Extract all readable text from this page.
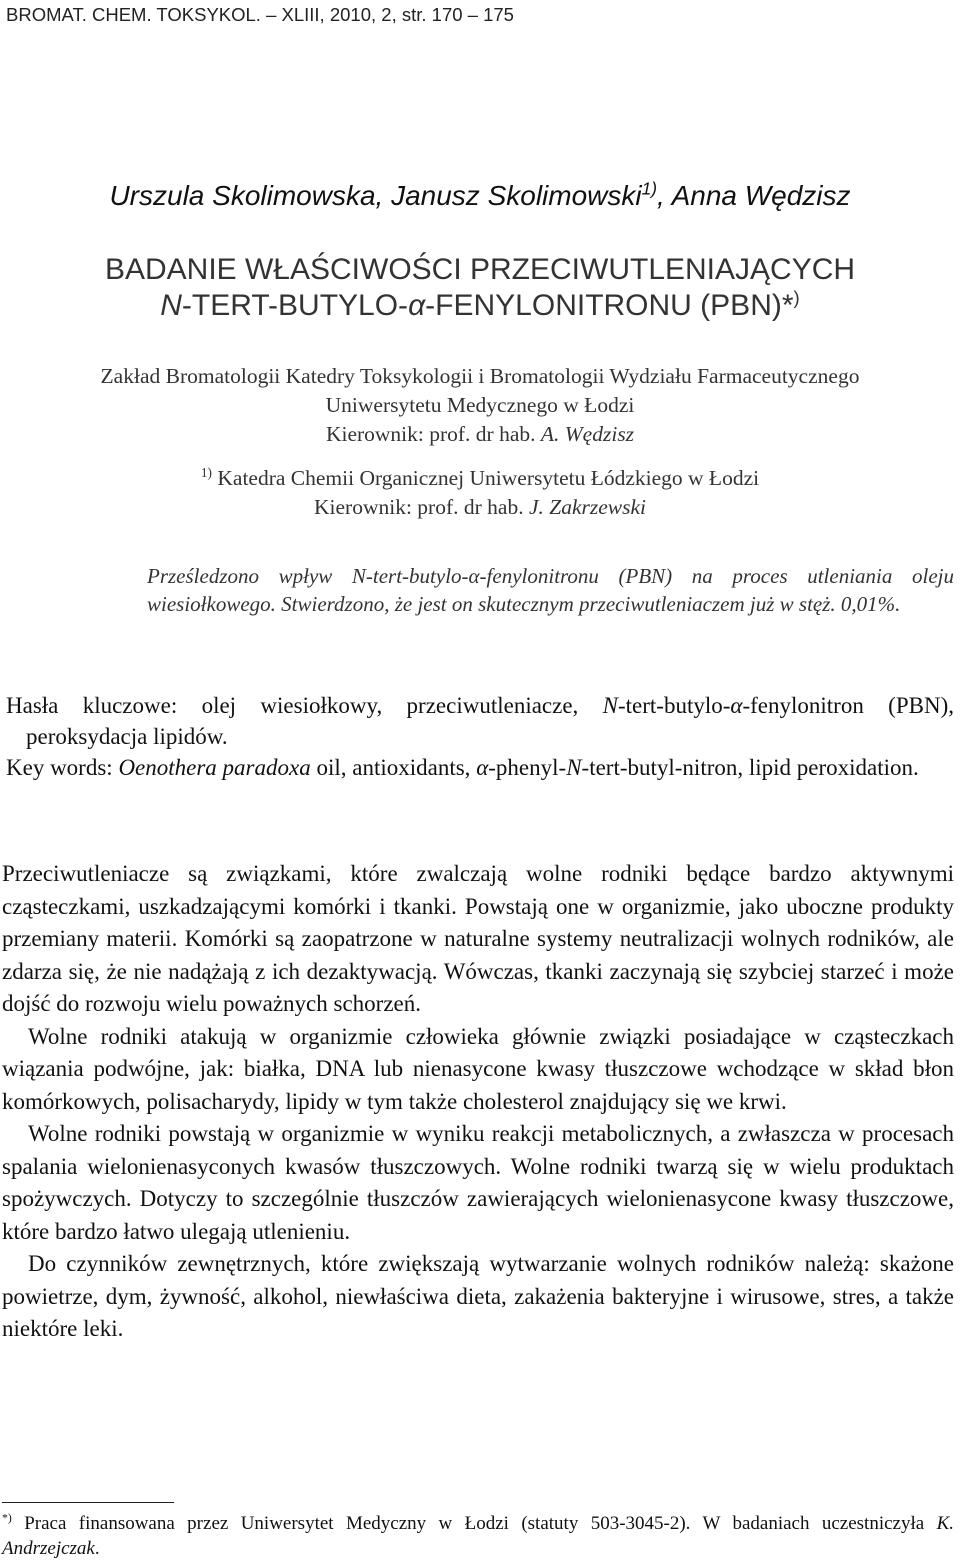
BROMAT. CHEM. TOKSYKOL. – XLIII, 2010, 2, str. 170 – 175
Urszula Skolimowska, Janusz Skolimowski$^{1)}$, Anna Wędzisz
BADANIE WŁAŚCIWOŚCI PRZECIWUTLENIAJĄCYCH
N-TERT-BUTYLO-α-FENYLONITRONU (PBN)*)
Zakład Bromatologii Katedry Toksykologii i Bromatologii Wydziału Farmaceutycznego
Uniwersytetu Medycznego w Łodzi
Kierownik: prof. dr hab. A. Wędzisz
$^{1)}$ Katedra Chemii Organicznej Uniwersytetu Łódzkiego w Łodzi
Kierownik: prof. dr hab. J. Zakrzewski
Prześledzono wpływ N-tert-butylo-α-fenylonitronu (PBN) na proces utleniania oleju wiesiołkowego. Stwierdzono, że jest on skutecznym przeciwutleniaczem już w stęż. 0,01%.

Hasła kluczowe: olej wiesiołkowy, przeciwutleniacze, N-tert-butylo-α-fenylonitron (PBN), peroksydacja lipidów.

Key words: Oenothera paradoxa oil, antioxidants, α-phenyl-N-tert-butyl-nitron, lipid peroxidation.

Przeciwutleniacze są związkami, które zwalczają wolne rodniki będące bardzo aktywnymi cząsteczkami, uszkadzającymi komórki i tkanki. Powstają one w organizmie, jako uboczne produkty przemiany materii. Komórki są zaopatrzone w naturalne systemy neutralizacji wolnych rodników, ale zdarza się, że nie nadążają z ich dezaktywacją. Wówczas, tkanki zaczynają się szybciej starzeć i może dojść do rozwoju wielu poważnych schorzeń.

Wolne rodniki atakują w organizmie człowieka głównie związki posiadające w cząsteczkach wiązania podwójne, jak: białka, DNA lub nienasycone kwasy tłuszczowe wchodzące w skład błon komórkowych, polisacharydy, lipidy w tym także cholesterol znajdujący się we krwi.

Wolne rodniki powstają w organizmie w wyniku reakcji metabolicznych, a zwłaszcza w procesach spalania wielonienasyconych kwasów tłuszczowych. Wolne rodniki twarzą się w wielu produktach spożywczych. Dotyczy to szczególnie tłuszczów zawierających wielonienasycone kwasy tłuszczowe, które bardzo łatwo ulegają utlenieniu.

Do czynników zewnętrznych, które zwiększają wytwarzanie wolnych rodników należą: skażone powietrze, dym, żywność, alkohol, niewłaściwa dieta, zakażenia bakteryjne i wirusowe, stres, a także niektóre leki.

*) Praca finansowana przez Uniwersytet Medyczny w Łodzi (statuty 503-3045-2). W badaniach uczestniczyła K. Andrzejczak.
